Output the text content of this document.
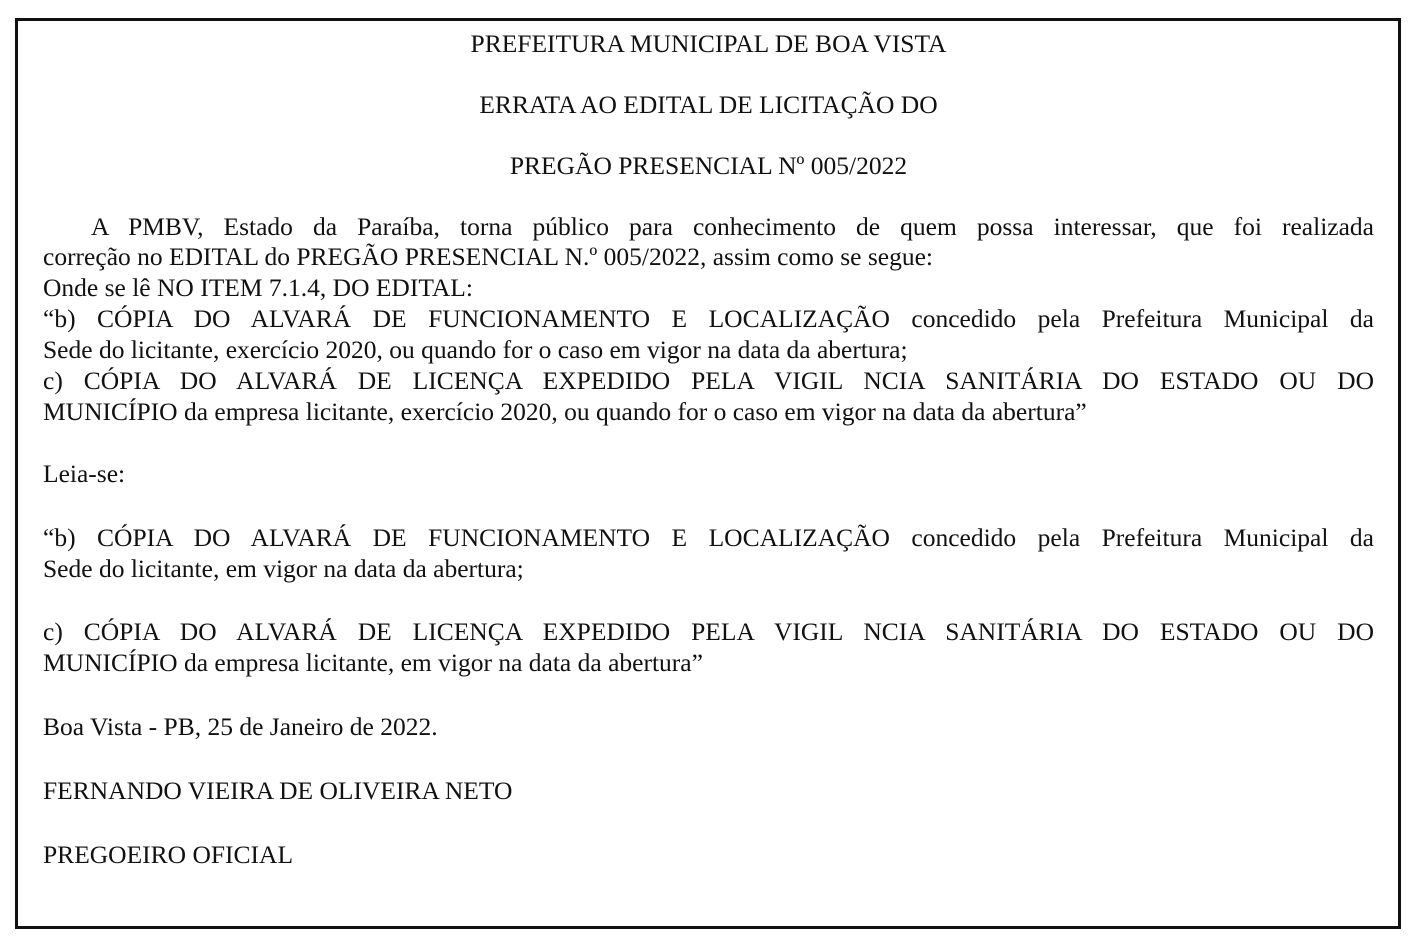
PREFEITURA MUNICIPAL DE BOA VISTA

ERRATA AO EDITAL DE LICITAÇÃO DO

PREGÃO PRESENCIAL Nº 005/2022

A PMBV, Estado da Paraíba, torna público para conhecimento de quem possa interessar, que foi realizada

correção no EDITAL do PREGÃO PRESENCIAL N.º 005/2022, assim como se segue:

Onde se lê NO ITEM 7.1.4, DO EDITAL:

“b) CÓPIA DO ALVARÁ DE FUNCIONAMENTO E LOCALIZAÇÃO concedido pela Prefeitura Municipal da

Sede do licitante, exercício 2020, ou quando for o caso em vigor na data da abertura;

c) CÓPIA DO ALVARÁ DE LICENÇA EXPEDIDO PELA VIGIL NCIA SANITÁRIA DO ESTADO OU DO

MUNICÍPIO da empresa licitante, exercício 2020, ou quando for o caso em vigor na data da abertura”

Leia-se:

“b) CÓPIA DO ALVARÁ DE FUNCIONAMENTO E LOCALIZAÇÃO concedido pela Prefeitura Municipal da

Sede do licitante, em vigor na data da abertura;

c) CÓPIA DO ALVARÁ DE LICENÇA EXPEDIDO PELA VIGIL NCIA SANITÁRIA DO ESTADO OU DO

MUNICÍPIO da empresa licitante, em vigor na data da abertura”

Boa Vista - PB, 25 de Janeiro de 2022.

FERNANDO VIEIRA DE OLIVEIRA NETO

PREGOEIRO OFICIAL
